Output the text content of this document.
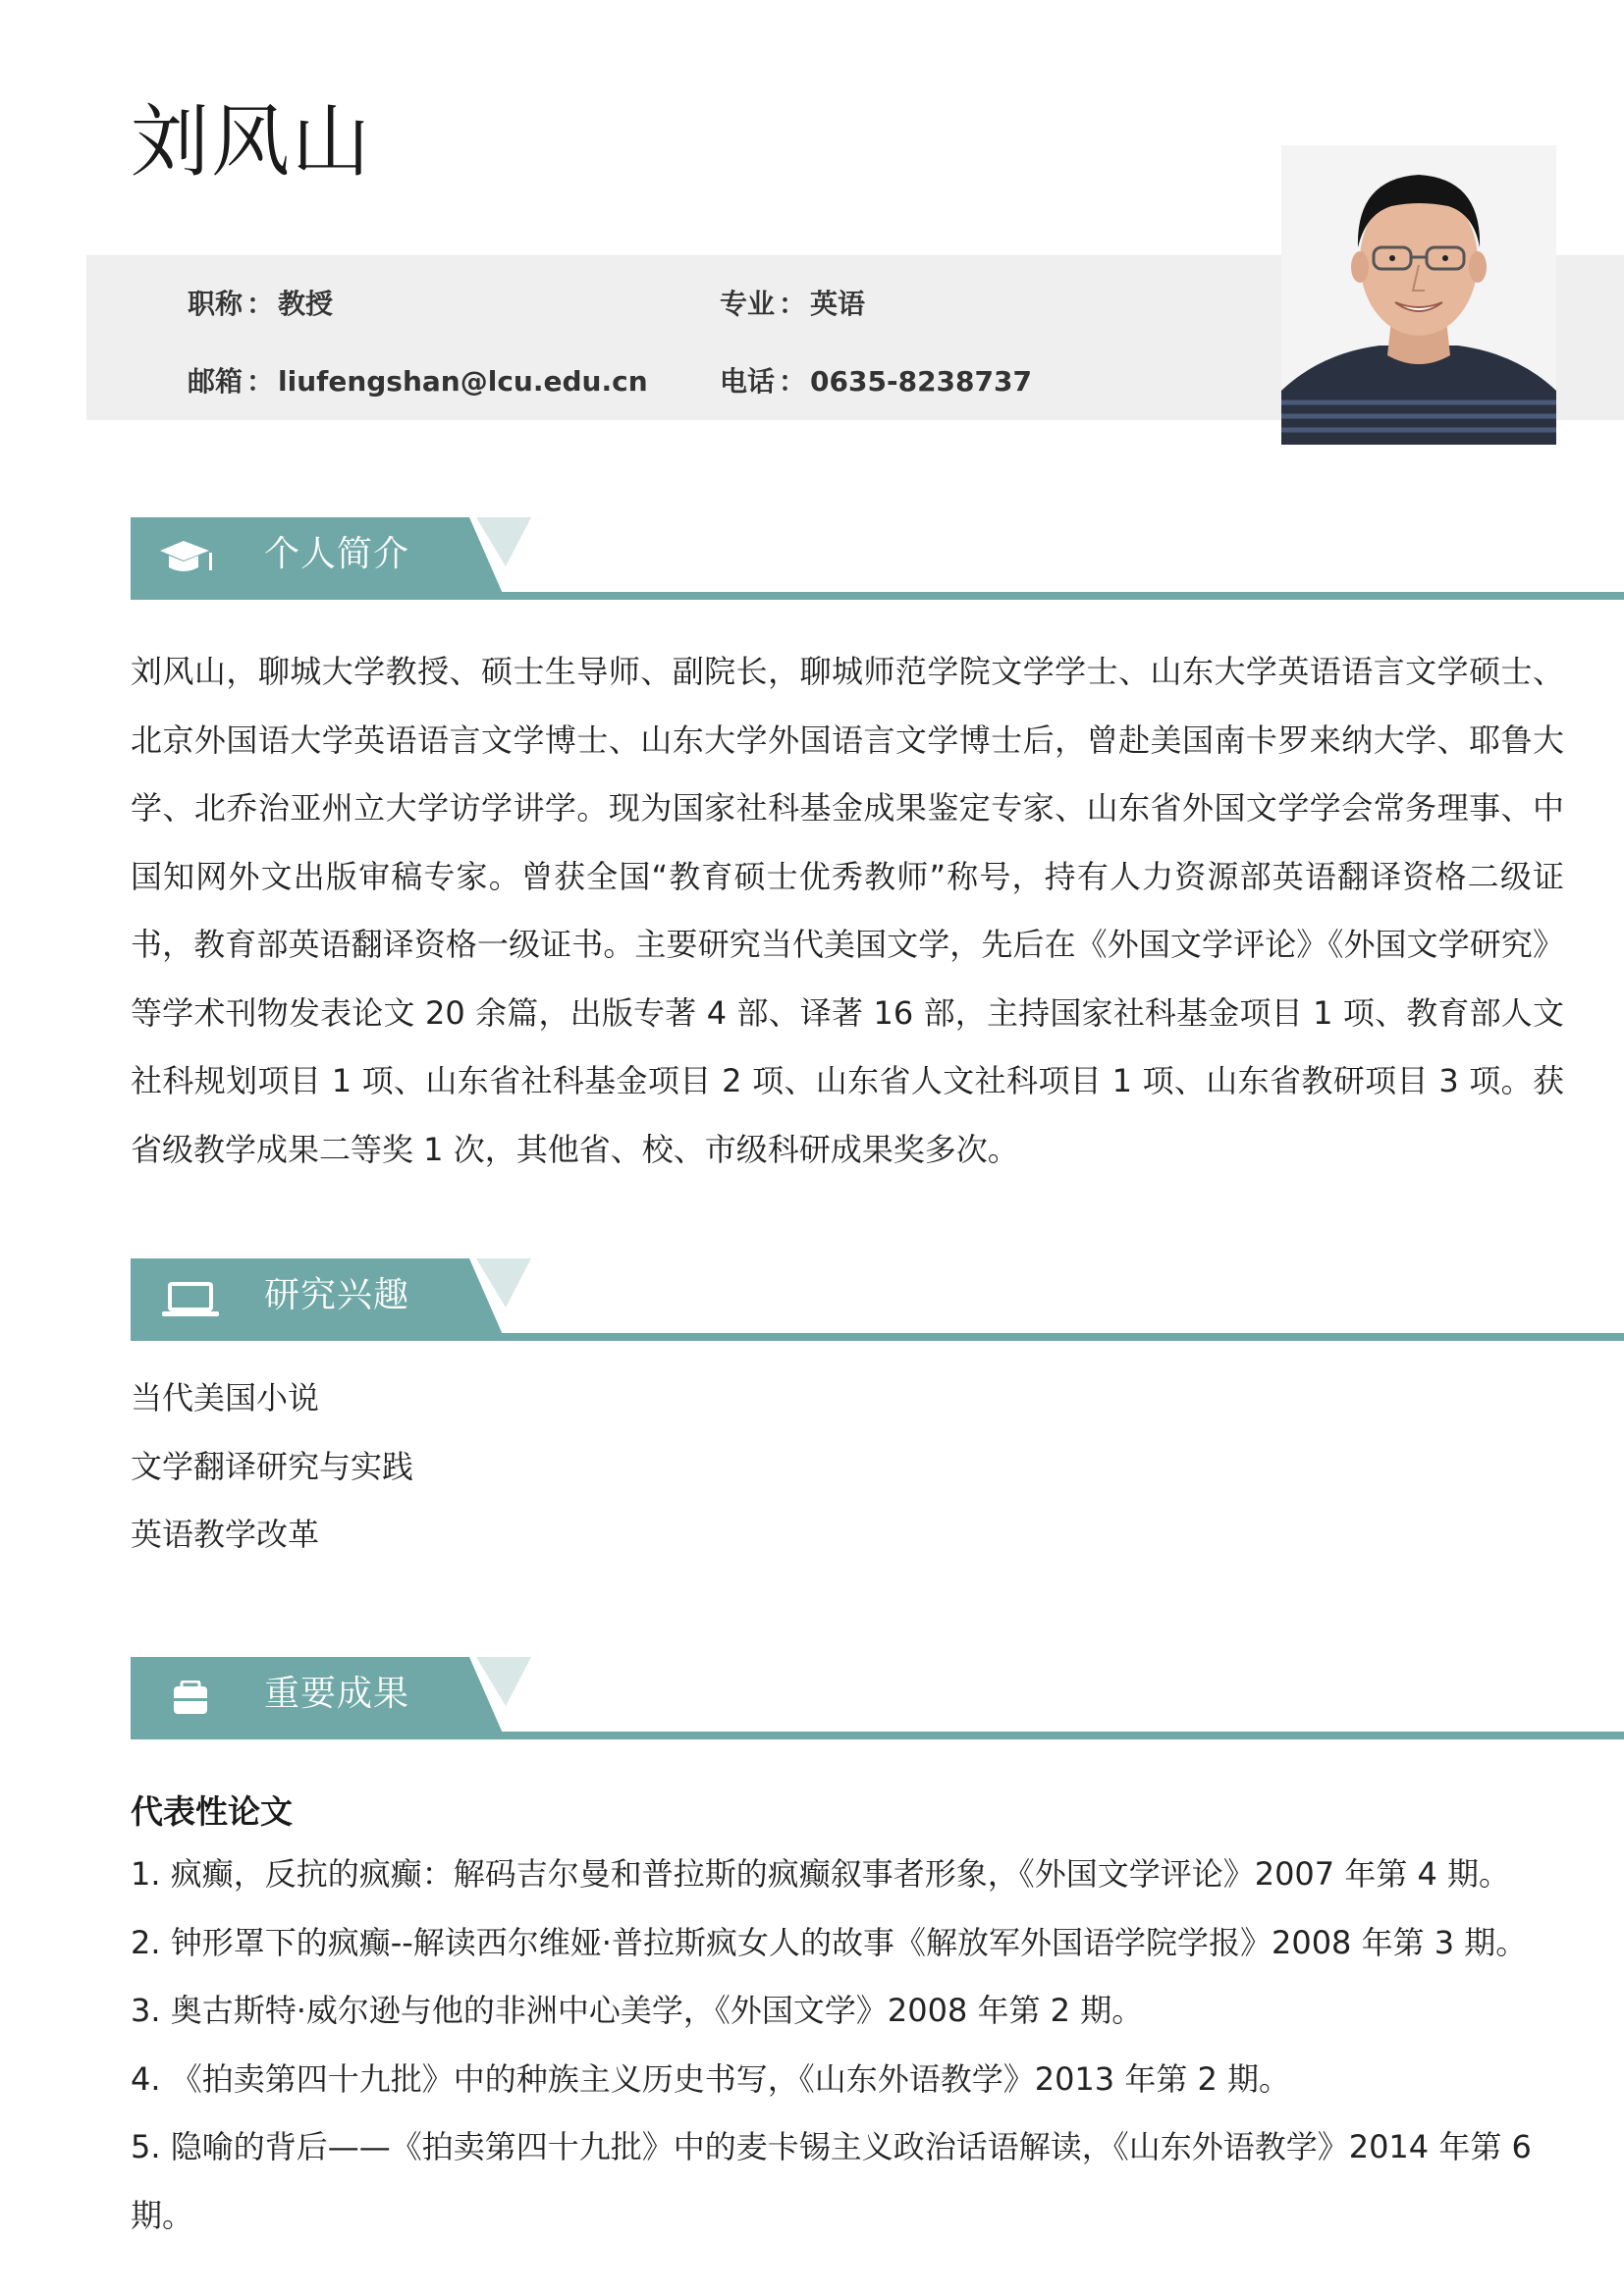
刘风山
职称 ： 教授	专业 ： 英语
邮箱 ： liufengshan@lcu.edu.cn	电话 ： 0635-8238737
个人简介

刘风山，聊城大学教授、硕士生导师、副院长，聊城师范学院文学学士、山东大学英语语言文学硕士、北京外国语大学英语语言文学博士、山东大学外国语言文学博士后，曾赴美国南卡罗来纳大学、耶鲁大学、北乔治亚州立大学访学讲学。现为国家社科基金成果鉴定专家、山东省外国文学学会常务理事、中国知网外文出版审稿专家。曾获全国“教育硕士优秀教师”称号，持有人力资源部英语翻译资格二级证书，教育部英语翻译资格一级证书。主要研究当代美国文学，先后在《外国文学评论》《外国文学研究》等学术刊物发表论文 20 余篇，出版专著 4 部、译著 16 部，主持国家社科基金项目 1 项、教育部人文社科规划项目 1 项、山东省社科基金项目 2 项、山东省人文社科项目 1 项、山东省教研项目 3 项。获省级教学成果二等奖 1 次，其他省、校、市级科研成果奖多次。

研究兴趣
当代美国小说
文学翻译研究与实践
英语教学改革
重要成果
代表性论文
1. 疯癫，反抗的疯癫：解码吉尔曼和普拉斯的疯癫叙事者形象，《外国文学评论》2007 年第 4 期。
2. 钟形罩下的疯癫--解读西尔维娅·普拉斯疯女人的故事《解放军外国语学院学报》2008 年第 3 期。
3. 奥古斯特·威尔逊与他的非洲中心美学，《外国文学》2008 年第 2 期。
4. 《拍卖第四十九批》中的种族主义历史书写，《山东外语教学》2013 年第 2 期。
5. 隐喻的背后——《拍卖第四十九批》中的麦卡锡主义政治话语解读，《山东外语教学》2014 年第 6 期。
